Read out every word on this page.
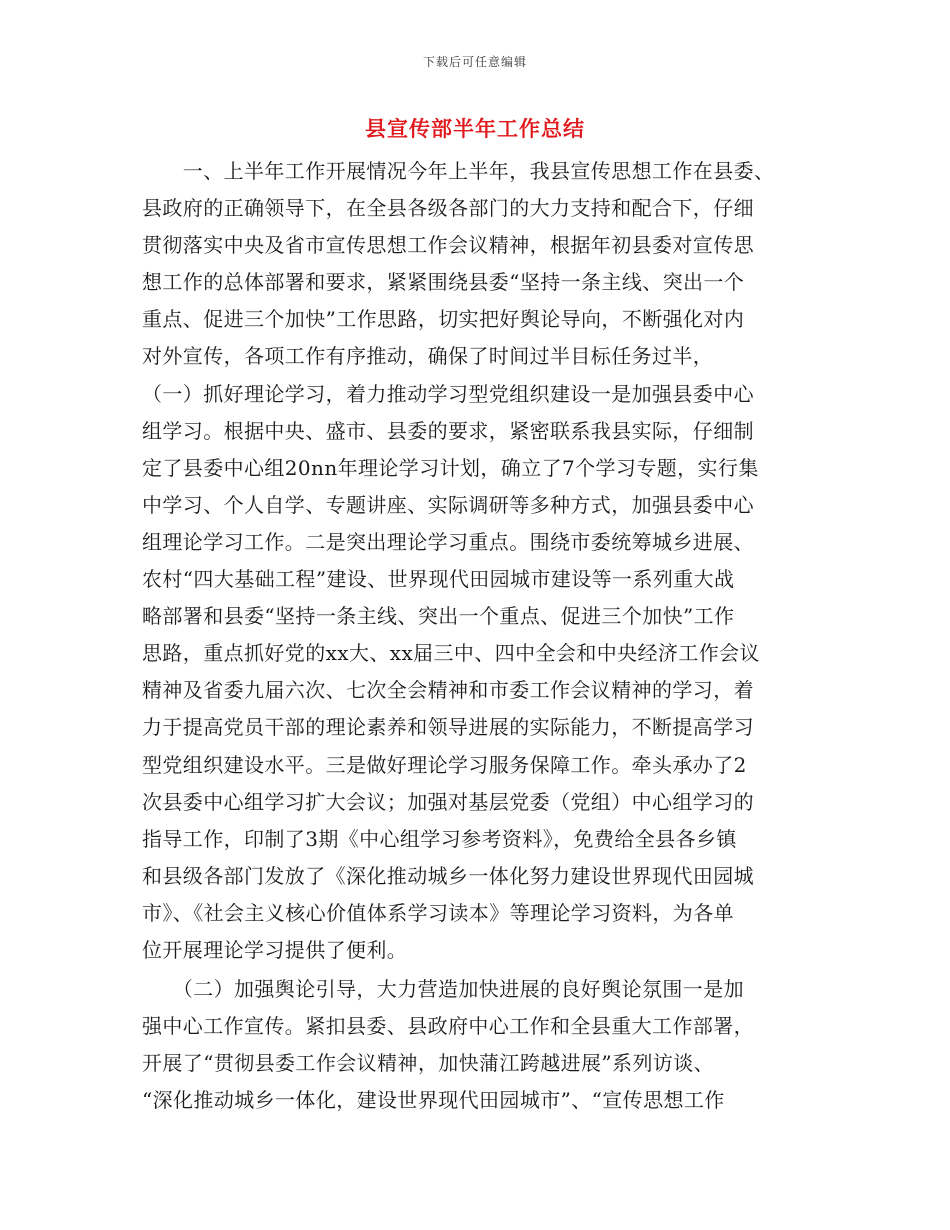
下载后可任意编辑
县宣传部半年工作总结
　　一、上半年工作开展情况今年上半年，我县宣传思想工作在县委、
县政府的正确领导下，在全县各级各部门的大力支持和配合下，仔细
贯彻落实中央及省市宣传思想工作会议精神，根据年初县委对宣传思
想工作的总体部署和要求，紧紧围绕县委“坚持一条主线、突出一个
重点、促进三个加快”工作思路，切实把好舆论导向，不断强化对内
对外宣传，各项工作有序推动，确保了时间过半目标任务过半，
（一）抓好理论学习，着力推动学习型党组织建设一是加强县委中心
组学习。根据中央、盛市、县委的要求，紧密联系我县实际，仔细制
定了县委中心组20nn年理论学习计划，确立了7个学习专题，实行集
中学习、个人自学、专题讲座、实际调研等多种方式，加强县委中心
组理论学习工作。二是突出理论学习重点。围绕市委统筹城乡进展、
农村“四大基础工程”建设、世界现代田园城市建设等一系列重大战
略部署和县委“坚持一条主线、突出一个重点、促进三个加快”工作
思路，重点抓好党的xx大、xx届三中、四中全会和中央经济工作会议
精神及省委九届六次、七次全会精神和市委工作会议精神的学习，着
力于提高党员干部的理论素养和领导进展的实际能力，不断提高学习
型党组织建设水平。三是做好理论学习服务保障工作。牵头承办了2
次县委中心组学习扩大会议；加强对基层党委（党组）中心组学习的
指导工作，印制了3期《中心组学习参考资料》，免费给全县各乡镇
和县级各部门发放了《深化推动城乡一体化努力建设世界现代田园城
市》、《社会主义核心价值体系学习读本》等理论学习资料，为各单
位开展理论学习提供了便利。
　　（二）加强舆论引导，大力营造加快进展的良好舆论氛围一是加
强中心工作宣传。紧扣县委、县政府中心工作和全县重大工作部署，
开展了“贯彻县委工作会议精神，加快蒲江跨越进展”系列访谈、
“深化推动城乡一体化，建设世界现代田园城市”、“宣传思想工作
